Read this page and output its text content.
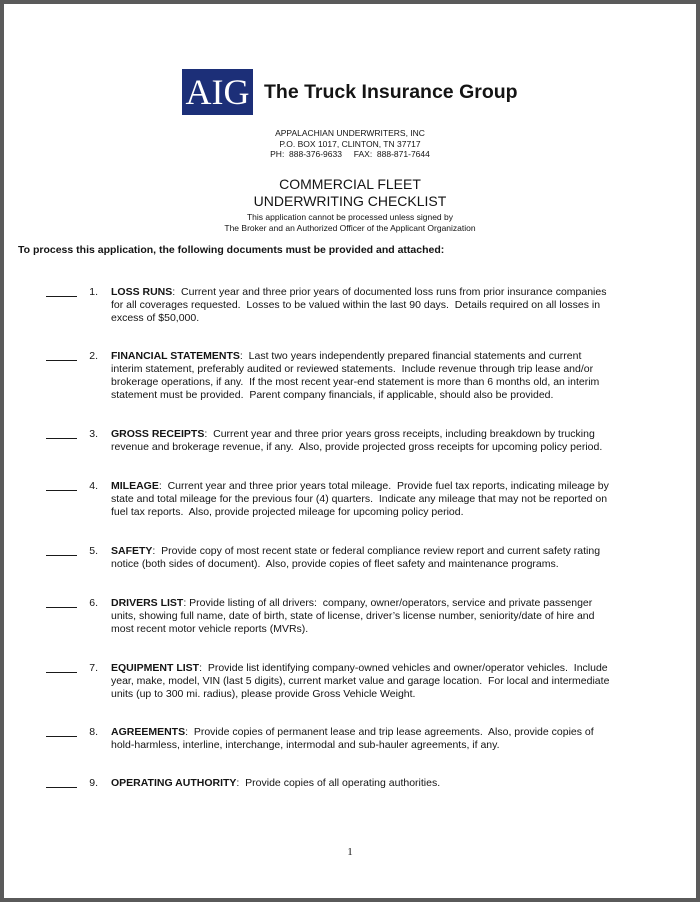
AIG The Truck Insurance Group
APPALACHIAN UNDERWRITERS, INC
P.O. BOX 1017, CLINTON, TN 37717
PH:  888-376-9633     FAX:  888-871-7644
COMMERCIAL FLEET
UNDERWRITING CHECKLIST
This application cannot be processed unless signed by
The Broker and an Authorized Officer of the Applicant Organization
To process this application, the following documents must be provided and attached:
1. LOSS RUNS:  Current year and three prior years of documented loss runs from prior insurance companies
for all coverages requested.  Losses to be valued within the last 90 days.  Details required on all losses in
excess of $50,000.
2. FINANCIAL STATEMENTS:  Last two years independently prepared financial statements and current
interim statement, preferably audited or reviewed statements.  Include revenue through trip lease and/or
brokerage operations, if any.  If the most recent year-end statement is more than 6 months old, an interim
statement must be provided.  Parent company financials, if applicable, should also be provided.
3. GROSS RECEIPTS:  Current year and three prior years gross receipts, including breakdown by trucking
revenue and brokerage revenue, if any.  Also, provide projected gross receipts for upcoming policy period.
4. MILEAGE:  Current year and three prior years total mileage.  Provide fuel tax reports, indicating mileage by
state and total mileage for the previous four (4) quarters.  Indicate any mileage that may not be reported on
fuel tax reports.  Also, provide projected mileage for upcoming policy period.
5. SAFETY:  Provide copy of most recent state or federal compliance review report and current safety rating
notice (both sides of document).  Also, provide copies of fleet safety and maintenance programs.
6. DRIVERS LIST: Provide listing of all drivers:  company, owner/operators, service and private passenger
units, showing full name, date of birth, state of license, driver’s license number, seniority/date of hire and
most recent motor vehicle reports (MVRs).
7. EQUIPMENT LIST:  Provide list identifying company-owned vehicles and owner/operator vehicles.  Include
year, make, model, VIN (last 5 digits), current market value and garage location.  For local and intermediate
units (up to 300 mi. radius), please provide Gross Vehicle Weight.
8. AGREEMENTS:  Provide copies of permanent lease and trip lease agreements.  Also, provide copies of
hold-harmless, interline, interchange, intermodal and sub-hauler agreements, if any.
9. OPERATING AUTHORITY:  Provide copies of all operating authorities.
1
